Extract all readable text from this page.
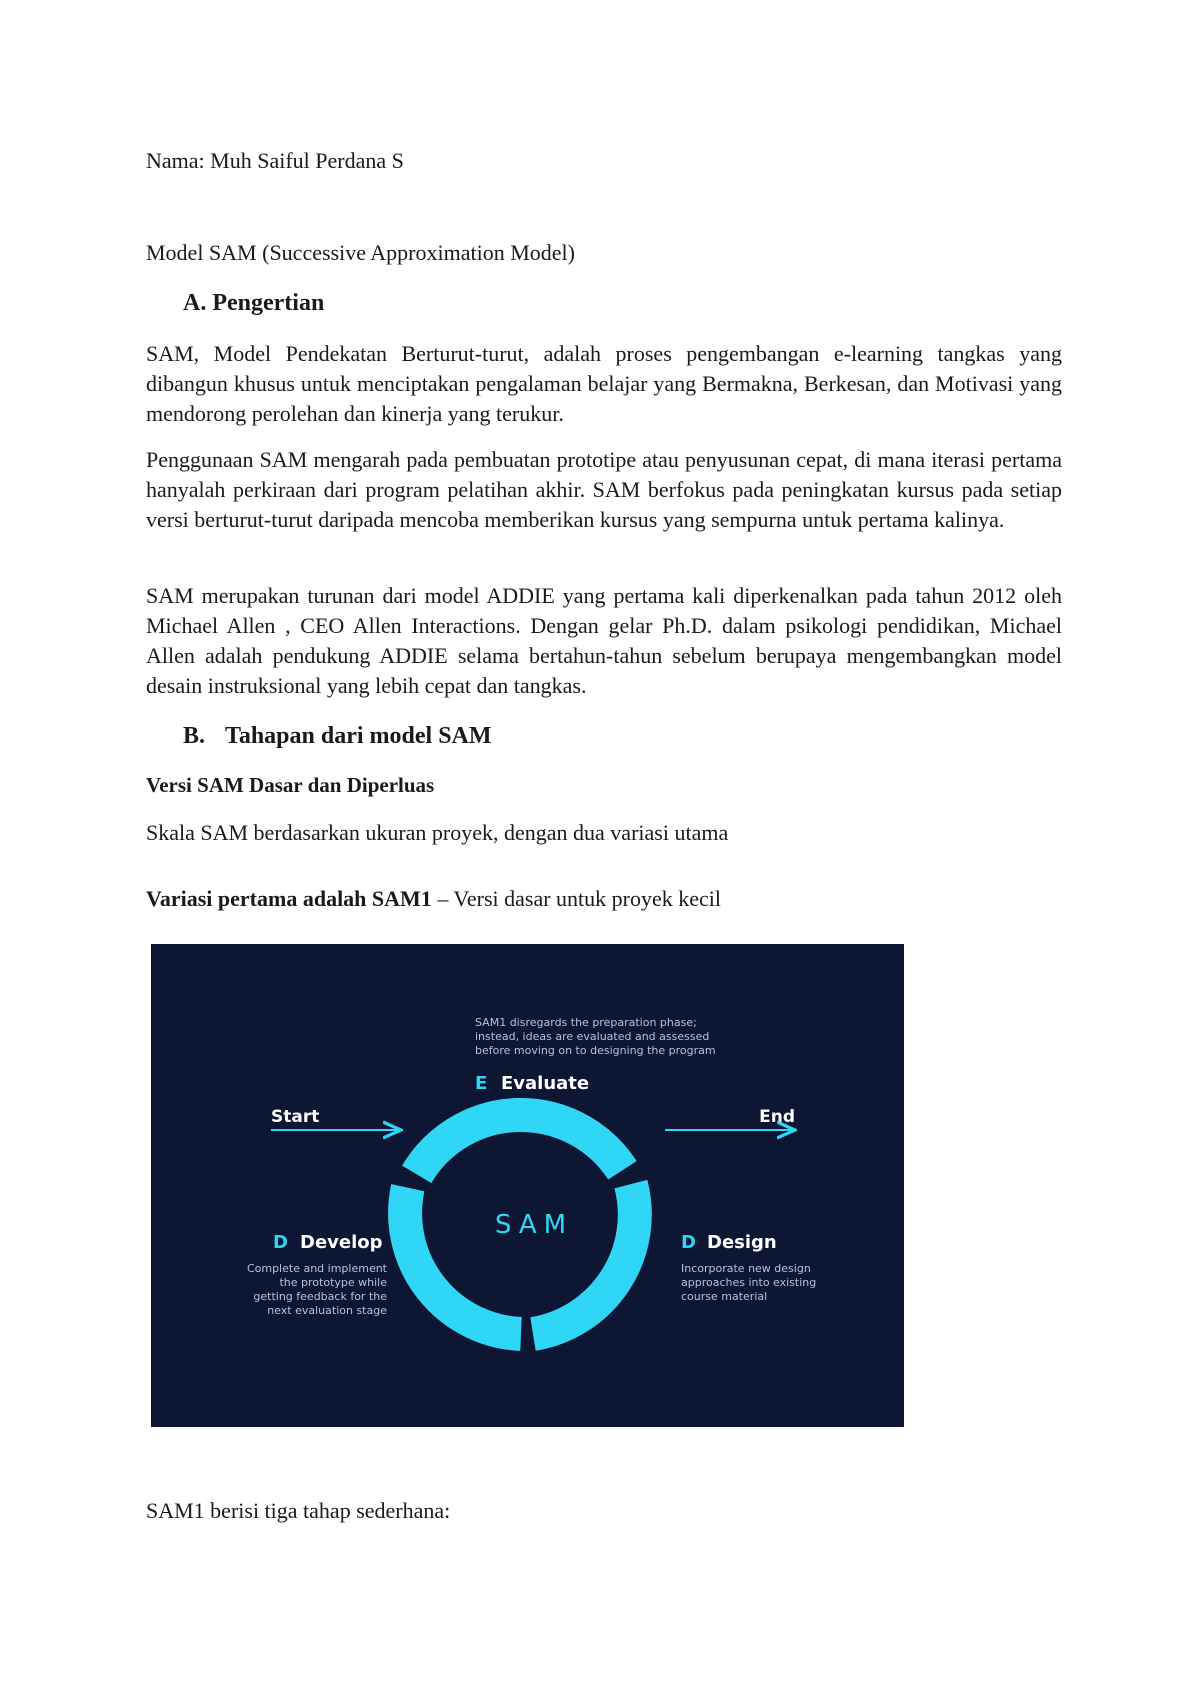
Nama: Muh Saiful Perdana S

Model SAM (Successive Approximation Model)

A. Pengertian

SAM, Model Pendekatan Berturut-turut, adalah proses pengembangan e-learning tangkas yang dibangun khusus untuk menciptakan pengalaman belajar yang Bermakna, Berkesan, dan Motivasi yang mendorong perolehan dan kinerja yang terukur.

Penggunaan SAM mengarah pada pembuatan prototipe atau penyusunan cepat, di mana iterasi pertama hanyalah perkiraan dari program pelatihan akhir. SAM berfokus pada peningkatan kursus pada setiap versi berturut-turut daripada mencoba memberikan kursus yang sempurna untuk pertama kalinya.

SAM merupakan turunan dari model ADDIE yang pertama kali diperkenalkan pada tahun 2012 oleh Michael Allen , CEO Allen Interactions. Dengan gelar Ph.D. dalam psikologi pendidikan, Michael Allen adalah pendukung ADDIE selama bertahun-tahun sebelum berupaya mengembangkan model desain instruksional yang lebih cepat dan tangkas.

B. Tahapan dari model SAM

Versi SAM Dasar dan Diperluas

Skala SAM berdasarkan ukuran proyek, dengan dua variasi utama

Variasi pertama adalah SAM1 – Versi dasar untuk proyek kecil

SAM
Start	End
SAM1 disregards the preparation phase;
instead, ideas are evaluated and assessed
before moving on to designing the program
E Evaluate
D Develop
Complete and implement
the prototype while
getting feedback for the
next evaluation stage
D Design
Incorporate new design
approaches into existing
course material

SAM1 berisi tiga tahap sederhana:
